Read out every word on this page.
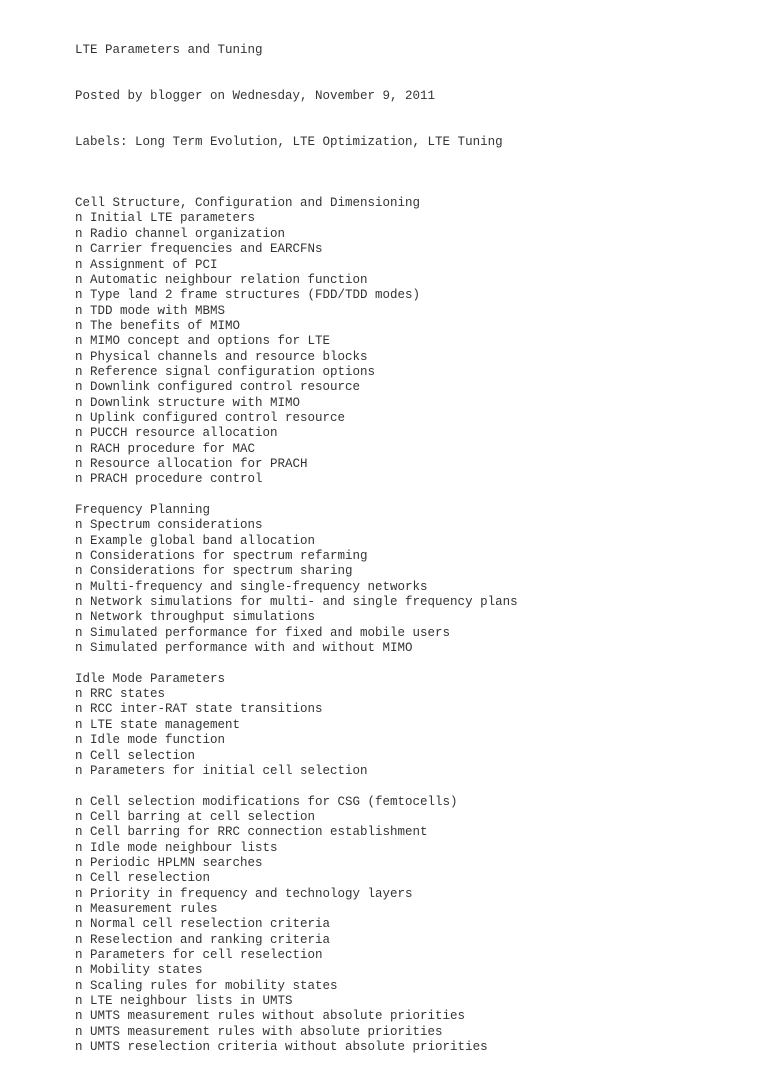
LTE Parameters and Tuning

Posted by blogger on Wednesday, November 9, 2011

Labels: Long Term Evolution, LTE Optimization, LTE Tuning

Cell Structure, Configuration and Dimensioning
n Initial LTE parameters
n Radio channel organization
n Carrier frequencies and EARCFNs
n Assignment of PCI
n Automatic neighbour relation function
n Type land 2 frame structures (FDD/TDD modes)
n TDD mode with MBMS
n The benefits of MIMO
n MIMO concept and options for LTE
n Physical channels and resource blocks
n Reference signal configuration options
n Downlink configured control resource
n Downlink structure with MIMO
n Uplink configured control resource
n PUCCH resource allocation
n RACH procedure for MAC
n Resource allocation for PRACH
n PRACH procedure control
Frequency Planning
n Spectrum considerations
n Example global band allocation
n Considerations for spectrum refarming
n Considerations for spectrum sharing
n Multi-frequency and single-frequency networks
n Network simulations for multi- and single frequency plans
n Network throughput simulations
n Simulated performance for fixed and mobile users
n Simulated performance with and without MIMO
Idle Mode Parameters
n RRC states
n RCC inter-RAT state transitions
n LTE state management
n Idle mode function
n Cell selection
n Parameters for initial cell selection
n Cell selection modifications for CSG (femtocells)
n Cell barring at cell selection
n Cell barring for RRC connection establishment
n Idle mode neighbour lists
n Periodic HPLMN searches
n Cell reselection
n Priority in frequency and technology layers
n Measurement rules
n Normal cell reselection criteria
n Reselection and ranking criteria
n Parameters for cell reselection
n Mobility states
n Scaling rules for mobility states
n LTE neighbour lists in UMTS
n UMTS measurement rules without absolute priorities
n UMTS measurement rules with absolute priorities
n UMTS reselection criteria without absolute priorities
